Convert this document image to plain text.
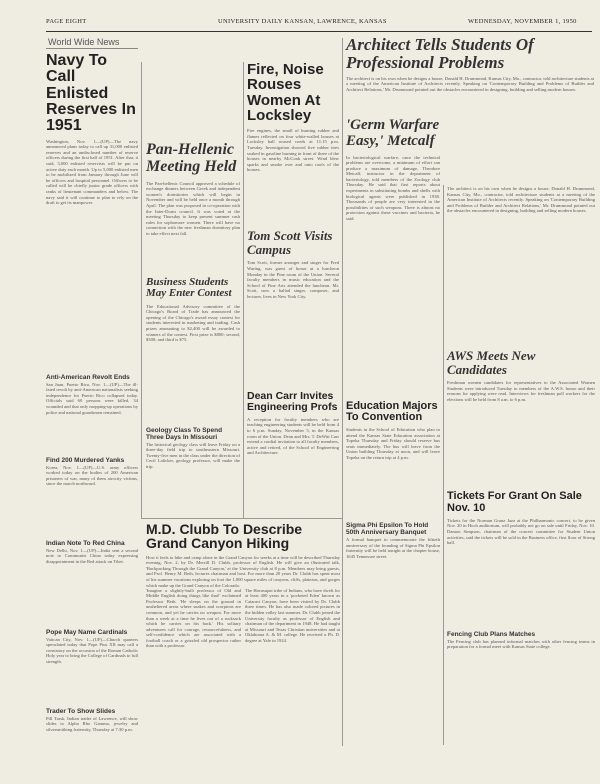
PAGE EIGHT	UNIVERSITY DAILY KANSAN, LAWRENCE, KANSAS	WEDNESDAY, NOVEMBER 1, 1950
World Wide News
Navy To Call Enlisted Reserves In 1951
Washington, Nov. 1—(UP)—The navy announced plans today to call up 31,000 enlisted reserves and an undisclosed number of reserve officers during the first half of 1951. After that, it said, 3,000 enlisted reservists will be put on active duty each month. Up to 5,000 enlisted men to be mobilized from January through June will be officers and hospital personnel. Officers to be called will be chiefly junior grade officers with ranks of lieutenant commanders and below. The navy said it will continue to plan to rely on the draft to get its manpower.
Anti-American Revolt Ends
San Juan, Puerto Rico, Nov. 1—(UP)—The ill-fated revolt by anti-American nationalists seeking independence for Puerto Rico collapsed today. Officials said 60 persons were killed, 34 wounded and that only mopping-up operations by police and national guardsmen remained.
Find 200 Murdered Yanks
Korea, Nov. 1—(UP)—U.S. army officers worked today on the bodies of 200 American prisoners of war, many of them atrocity victims, since the march northward.
Indian Note To Red China
New Delhi, Nov. 1—(UP)—India sent a second note to Communist China today expressing disappointment in the Red attack on Tibet.
Pope May Name Cardinals
Vatican City, Nov. 1—(UP)—Church quarters speculated today that Pope Pius XII may call a consistory on the occasion of the Roman Catholic Holy year to bring the College of Cardinals to full strength.
Trader To Show Slides
Pill Trask, Indian trader of Lawrence, will show slides to Alpha Rho Gamma, jewelry and silversmithing fraternity, Thursday at 7:30 p.m.
Pan-Hellenic Meeting Held
The Pan-hellenic Council approved a schedule of exchange dinners between Greek and independent women's dormitories which will begin in November and will be held once a month through April. The plan was proposed in co-operation with the Inter-Dorm council. It was voted at the meeting Thursday to keep present summer rush rules for sophomore women. There will have no connection with the new freshman dormitory plan to take effect next fall.
Business Students May Enter Contest
The Educational Advisory committee of the Chicago's Board of Trade has announced the opening of the Chicago's award essay contest for students interested in marketing and trading. Cash prizes amounting to $2,400 will be awarded to winners of the contest. First prize is $800; second, $300; and third is $75.
Geology Class To Spend Three Days In Missouri
The historical geology class will leave Friday on a three-day field trip to southeastern Missouri. Twenty-five men in the class under the direction of Cecil Lalicker, geology professor, will make the trip.
Fire, Noise Rouses Women At Locksley
Fire engines, the small of burning rubber and flames reflected on four white-walled houses at Locksley hall roused coeds at 11:15 p.m. Tuesday. Investigation showed five rubber tires soaked in gasoline burning in front of three of the houses in nearby McCook street. Wind blew sparks and smoke over and onto roofs of the houses.
Tom Scott Visits Campus
Tom Scott, former arranger and singer for Fred Waring, was guest of honor at a luncheon Monday in the Pine room of the Union. Several faculty members in music education and the School of Fine Arts attended the luncheon. Mr. Scott, now a ballad singer, composer, and lecturer, lives in New York City.
Dean Carr Invites Engineering Profs
A reception for faculty members who are teaching engineering students will be held from 4 to 6 p.m. Sunday, November 5, in the Kansas room of the Union. Dean and Mrs. T. DeWitt Carr extend a cordial invitation to all faculty members, active and retired, of the School of Engineering and Architecture.
M.D. Clubb To Describe Grand Canyon Hiking
How it feels to hike and camp alone in the Grand Canyon for weeks at a time will be described Thursday evening, Nov. 2, by Dr. Merrill D. Clubb, professor of English. He will give an illustrated talk, 'Backpacking Through the Grand Canyon,' at the University club at 8 p.m. Members may bring guests, and Prof. Henry M. Beth, lectures chairman and host. For more than 20 years Dr. Clubb has spent most of his summer vacations exploring on foot the 1,000 square miles of canyons, cliffs, plateaus, and gorges which make up the Grand Canyon of the Colorado.
'Imagine a slightly-built professor of Old and Middle English doing things like that!' exclaimed Professor Beth. 'He sleeps on the ground in unsheltered areas where snakes and scorpions are common, and yet he carries no weapon. For more than a week at a time he lives out of a rucksack which he carries on his back.' His solitary adventures call for courage, resourcefulness, and self-confidence which are associated with a football coach or a grizzled old prospector rather than with a professor.
The Havasupai tribe of Indians, who have dwelt for at least 400 years in a 'pocketed Eden' known as Cataract Canyon, have been visited by Dr. Clubb three times. He has also made colored pictures in the hidden valley last summer. Dr. Clubb joined the University faculty as professor of English and chairman of the department in 1948. He had taught at Missouri and Texas Christian universities and at Oklahoma A. & M. college. He received a Ph. D. degree at Yale in 1924.
Architect Tells Students Of Professional Problems
The architect is on his own when he designs a house, Donald H. Drummond, Kansas City, Mo., contractor, told architecture students at a meeting of the American Institute of Architects recently. Speaking on 'Contemporary Building and Problems of Builder and Architect Relations,' Mr. Drummond pointed out the obstacles encountered in designing, building and selling modern houses.
'Germ Warfare Easy,' Metcalf
In bacteriological warfare, once the technical problems are overcome, a minimum of effort can produce a maximum of damage, Theodore Metcalf, instructor in the department of bacteriology, told members of the Zoology club Thursday. He said that first reports about experiments in substituting bombs and shells with biological agents were published in 1938. Thousands of people are very interested in the possibilities of such weapons. There is almost no protection against these vaccines and bacteria, he said.
Education Majors To Convention
Students in the School of Education who plan to attend the Kansas State Education association at Topeka Thursday and Friday should reserve bus seats immediately. The bus will leave from the Union building Thursday at noon, and will leave Topeka on the return trip at 4 p.m.
Sigma Phi Epsilon To Hold 50th Anniversary Banquet
A formal banquet to commemorate the fiftieth anniversary of the founding of Sigma Phi Epsilon fraternity will be held tonight at the chapter house, 1645 Tennessee street.
The architect is on his own when he designs a house, Donald H. Drummond, Kansas City, Mo., contractor, told architecture students at a meeting of the American Institute of Architects recently. Speaking on 'Contemporary Building and Problems of Builder and Architect Relations,' Mr. Drummond pointed out the obstacles encountered in designing, building and selling modern houses.
AWS Meets New Candidates
Freshman women candidates for representatives to the Associated Women Students were introduced Tuesday to members of the A.W.S. house and their reasons for applying were read. Interviews for freshman poll workers for the elections will be held from 8 a.m. to 6 p.m.
Tickets For Grant On Sale Nov. 10
Tickets for the Norman Granz Jazz at the Philharmonic concert, to be given Nov. 20 in Hoch auditorium, will probably not go on sale until Friday, Nov. 10. Damon Simpson, chairman of the concert committee for Student Union activities, said the tickets will be sold in the Business office, first floor of Strong hall.
Fencing Club Plans Matches
The Fencing club has planned informal matches with other fencing teams in preparation for a formal meet with Kansas State college.
